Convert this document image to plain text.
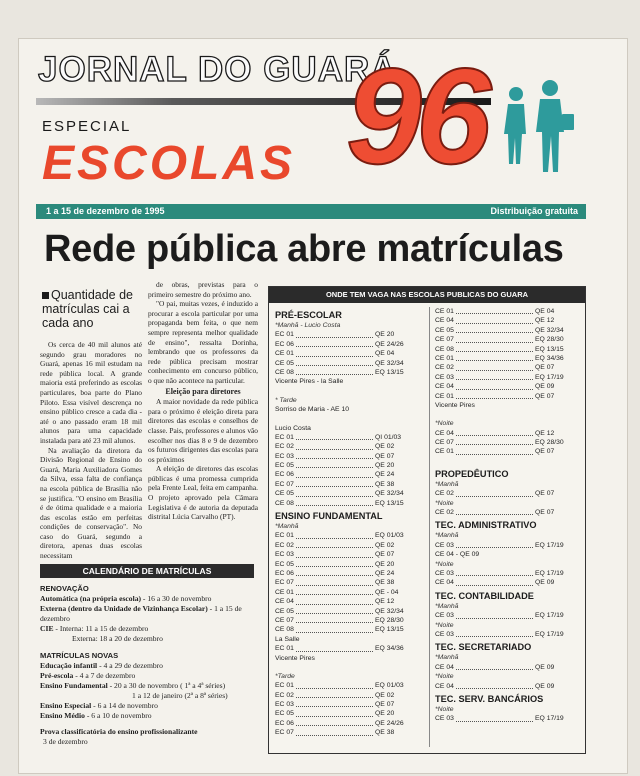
JORNAL DO GUARÁ
ESPECIAL
ESCOLAS 96
1 a 15 de dezembro de 1995	Distribuição gratuita
Rede pública abre matrículas
Quantidade de matrículas cai a cada ano

Os cerca de 40 mil alunos até segundo grau moradores no Guará, apenas 16 mil estudam na rede pública local. A grande maioria está preferindo as escolas particulares, boa parte do Plano Piloto. Essa visível descrença no ensino público cresce a cada dia - até o ano passado eram 18 mil alunos para uma capacidade instalada para até 23 mil alunos.

Na avaliação da diretora da Divisão Regional de Ensino do Guará, Maria Auxiliadora Gomes da Silva, essa falta de confiança na escola pública de Brasília não se justifica. "O ensino em Brasília é de ótima qualidade e a maioria das escolas estão em perfeitas condições de conservação". No caso do Guará, segundo a diretora, apenas duas escolas necessitam

de obras, previstas para o primeiro semestre do próximo ano.

"O pai, muitas vezes, é induzido a procurar a escola particular por uma propaganda bem feita, o que nem sempre representa melhor qualidade de ensino", ressalta Dorinha, lembrando que os professores da rede pública precisam mostrar conhecimento em concurso público, o que não acontece na particular.

Eleição para diretores

A maior novidade da rede pública para o próximo é eleição direta para diretores das escolas e conselhos de classe. Pais, professores e alunos vão escolher nos dias 8 e 9 de dezembro os futuros dirigentes das escolas para os próximos

A eleição de diretores das escolas públicas é uma promessa cumprida pela Frente Leal, feita em campanha. O projeto aprovado pela Câmara Legislativa é de autoria da deputada distrital Lúcia Carvalho (PT).

CALENDÁRIO DE MATRÍCULAS
RENOVAÇÃO
Automática (na própria escola) - 16 a 30 de novembro
Externa (dentro da Unidade de Vizinhança Escolar) - 1 a 15 de dezembro
CIE - Interna: 11 a 15 de dezembro
Externa: 18 a 20 de dezembro
MATRÍCULAS NOVAS
Educação infantil - 4 a 29 de dezembro
Pré-escola - 4 a 7 de dezembro
Ensino Fundamental - 20 a 30 de novembro ( 1ª a 4ª séries)
1 a 12 de janeiro (2ª a 8ª séries)
Ensino Especial - 6 a 14 de novembro
Ensino Médio - 6 a 10 de novembro
Prova classificatória do ensino profissionalizante
3 de dezembro
ONDE TEM VAGA NAS ESCOLAS PUBLICAS DO GUARA
PRÉ-ESCOLAR
*Manhã - Lucio Costa
EC 01	QE 20
EC 06	QE 24/26
CE 01	QE 04
CE 05	QE 32/34
CE 08	EQ 13/15
Vicente Pires - la Salle
* Tarde
Sorriso de Maria - AE 10
Lucio Costa
EC 01	QI 01/03
EC 02	QE 02
EC 03	QE 07
EC 05	QE 20
EC 06	QE 24
EC 07	QE 38
CE 05	QE 32/34
CE 08	EQ 13/15
ENSINO FUNDAMENTAL
*Manhã
EC 01	EQ 01/03
EC 02	QE 02
EC 03	QE 07
EC 05	QE 20
EC 06	QE 24
EC 07	QE 38
CE 01	QE - 04
CE 04	QE 12
CE 05	QE 32/34
CE 07	EQ 28/30
CE 08	EQ 13/15
La Salle
EC 01	EQ 34/36
Vicente Pires
*Tarde
EC 01	EQ 01/03
EC 02	QE 02
EC 03	QE 07
EC 05	QE 20
EC 06	QE 24/26
EC 07	QE 38
CE 01	QE 04
CE 04	QE 12
CE 05	QE 32/34
CE 07	EQ 28/30
CE 08	EQ 13/15
CE 01	EQ 34/36
CE 02	QE 07
CE 03	EQ 17/19
CE 04	QE 09
CE 01	QE 07
Vicente Pires
*Noite
CE 04	QE 12
CE 07	EQ 28/30
CE 01	QE 07
PROPEDÊUTICO
*Manhã
CE 02	QE 07
*Noite
CE 02	QE 07
TEC. ADMINISTRATIVO
*Manhã
CE 03	EQ 17/19
CE 04 - QE 09
*Noite
CE 03	EQ 17/19
CE 04	QE 09
TEC. CONTABILIDADE
*Manhã
CE 03	EQ 17/19
*Noite
CE 03	EQ 17/19
TEC. SECRETARIADO
*Manhã
CE 04	QE 09
*Noite
CE 04	QE 09
TEC. SERV. BANCÁRIOS
*Noite
CE 03	EQ 17/19
